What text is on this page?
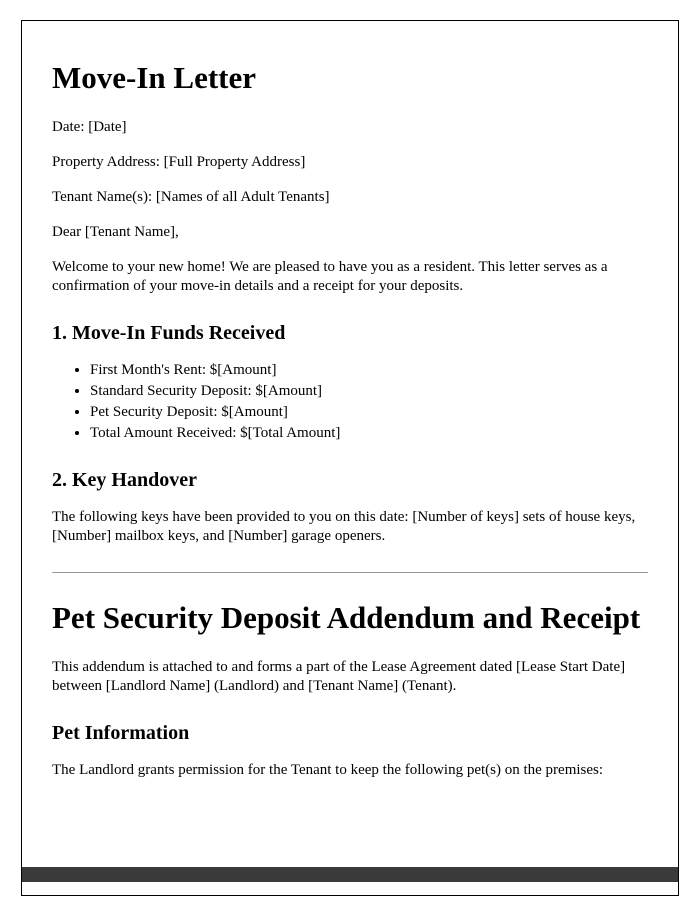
Move-In Letter

Date: [Date]

Property Address: [Full Property Address]

Tenant Name(s): [Names of all Adult Tenants]

Dear [Tenant Name],

Welcome to your new home! We are pleased to have you as a resident. This letter serves as a confirmation of your move-in details and a receipt for your deposits.

1. Move-In Funds Received
• First Month's Rent: $[Amount]
• Standard Security Deposit: $[Amount]
• Pet Security Deposit: $[Amount]
• Total Amount Received: $[Total Amount]
2. Key Handover

The following keys have been provided to you on this date: [Number of keys] sets of house keys, [Number] mailbox keys, and [Number] garage openers.

Pet Security Deposit Addendum and Receipt

This addendum is attached to and forms a part of the Lease Agreement dated [Lease Start Date] between [Landlord Name] (Landlord) and [Tenant Name] (Tenant).

Pet Information

The Landlord grants permission for the Tenant to keep the following pet(s) on the premises:
